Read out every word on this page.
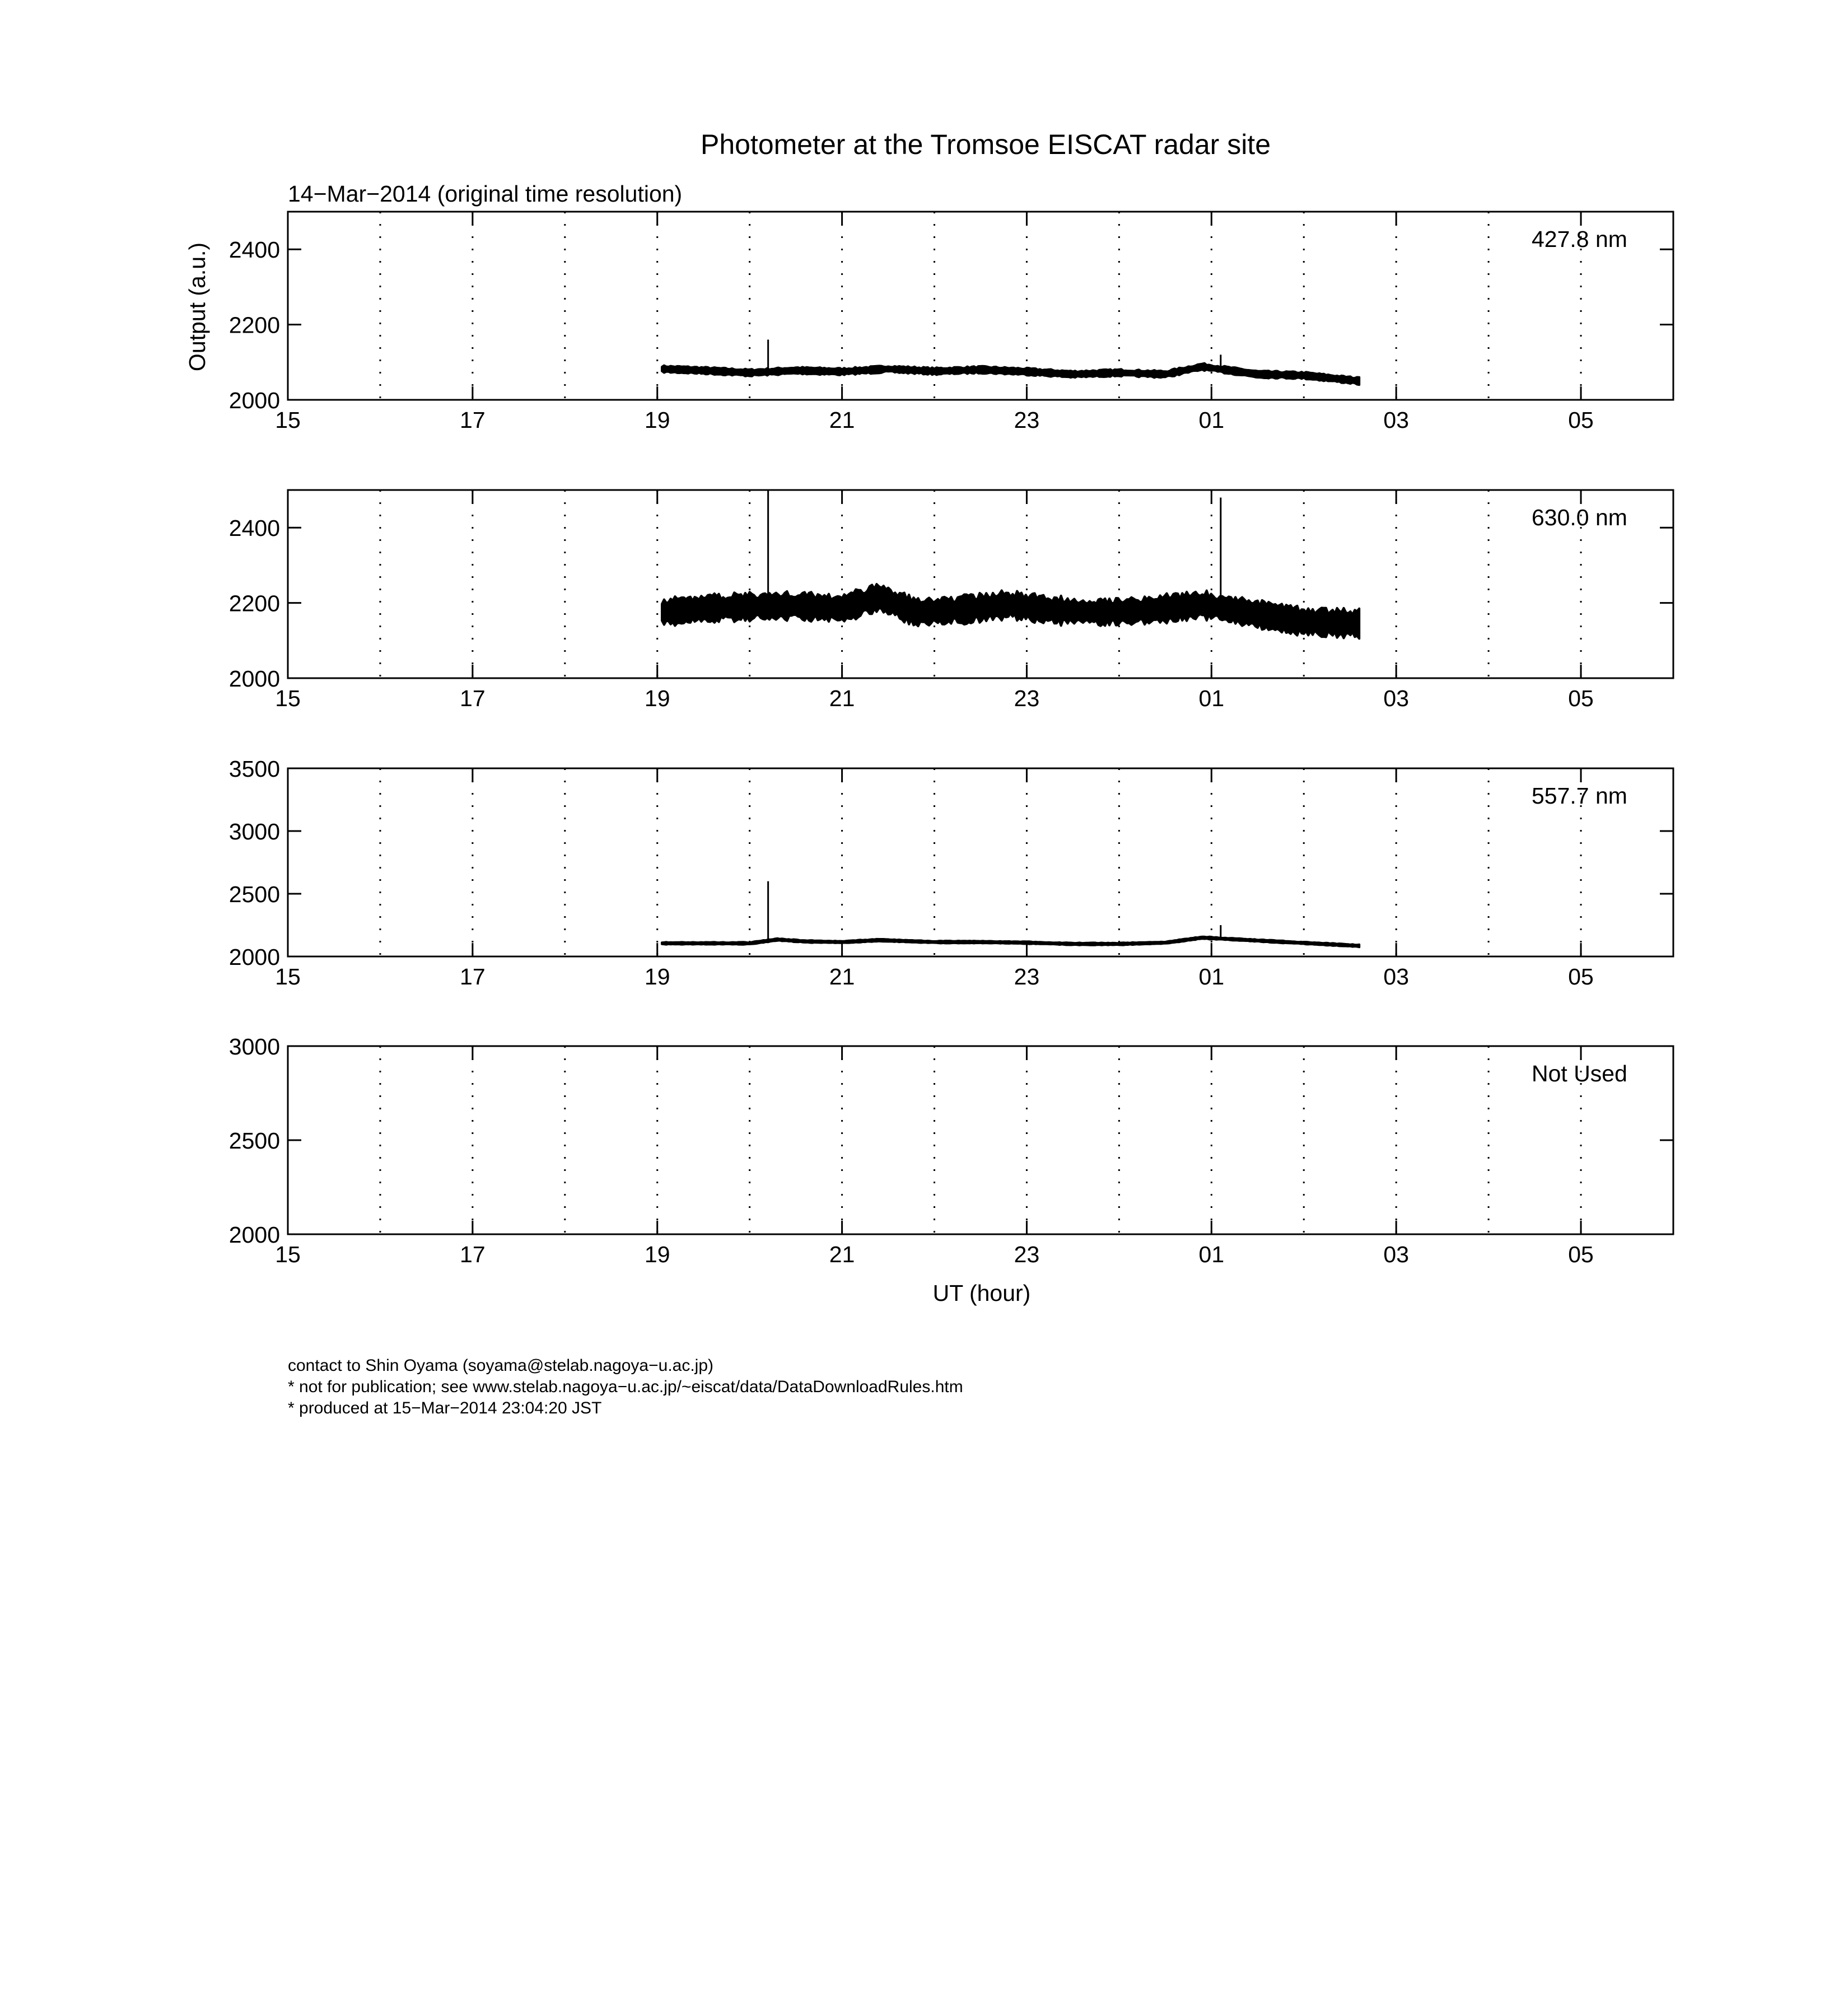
Photometer at the Tromsoe EISCAT radar site
14−Mar−2014 (original time resolution)
Output (a.u.)
UT (hour)
15	17	19	21	23	01	03	05
2000
2200
2400	427.8 nm
15	17	19	21	23	01	03	05
2000
2200
2400	630.0 nm
15	17	19	21	23	01	03	05
2000
2500
3000
3500
557.7 nm
15	17	19	21	23	01	03	05
2000
2500
3000
Not Used

contact to Shin Oyama (soyama@stelab.nagoya−u.ac.jp)

* not for publication; see www.stelab.nagoya−u.ac.jp/~eiscat/data/DataDownloadRules.htm

* produced at 15−Mar−2014 23:04:20 JST
